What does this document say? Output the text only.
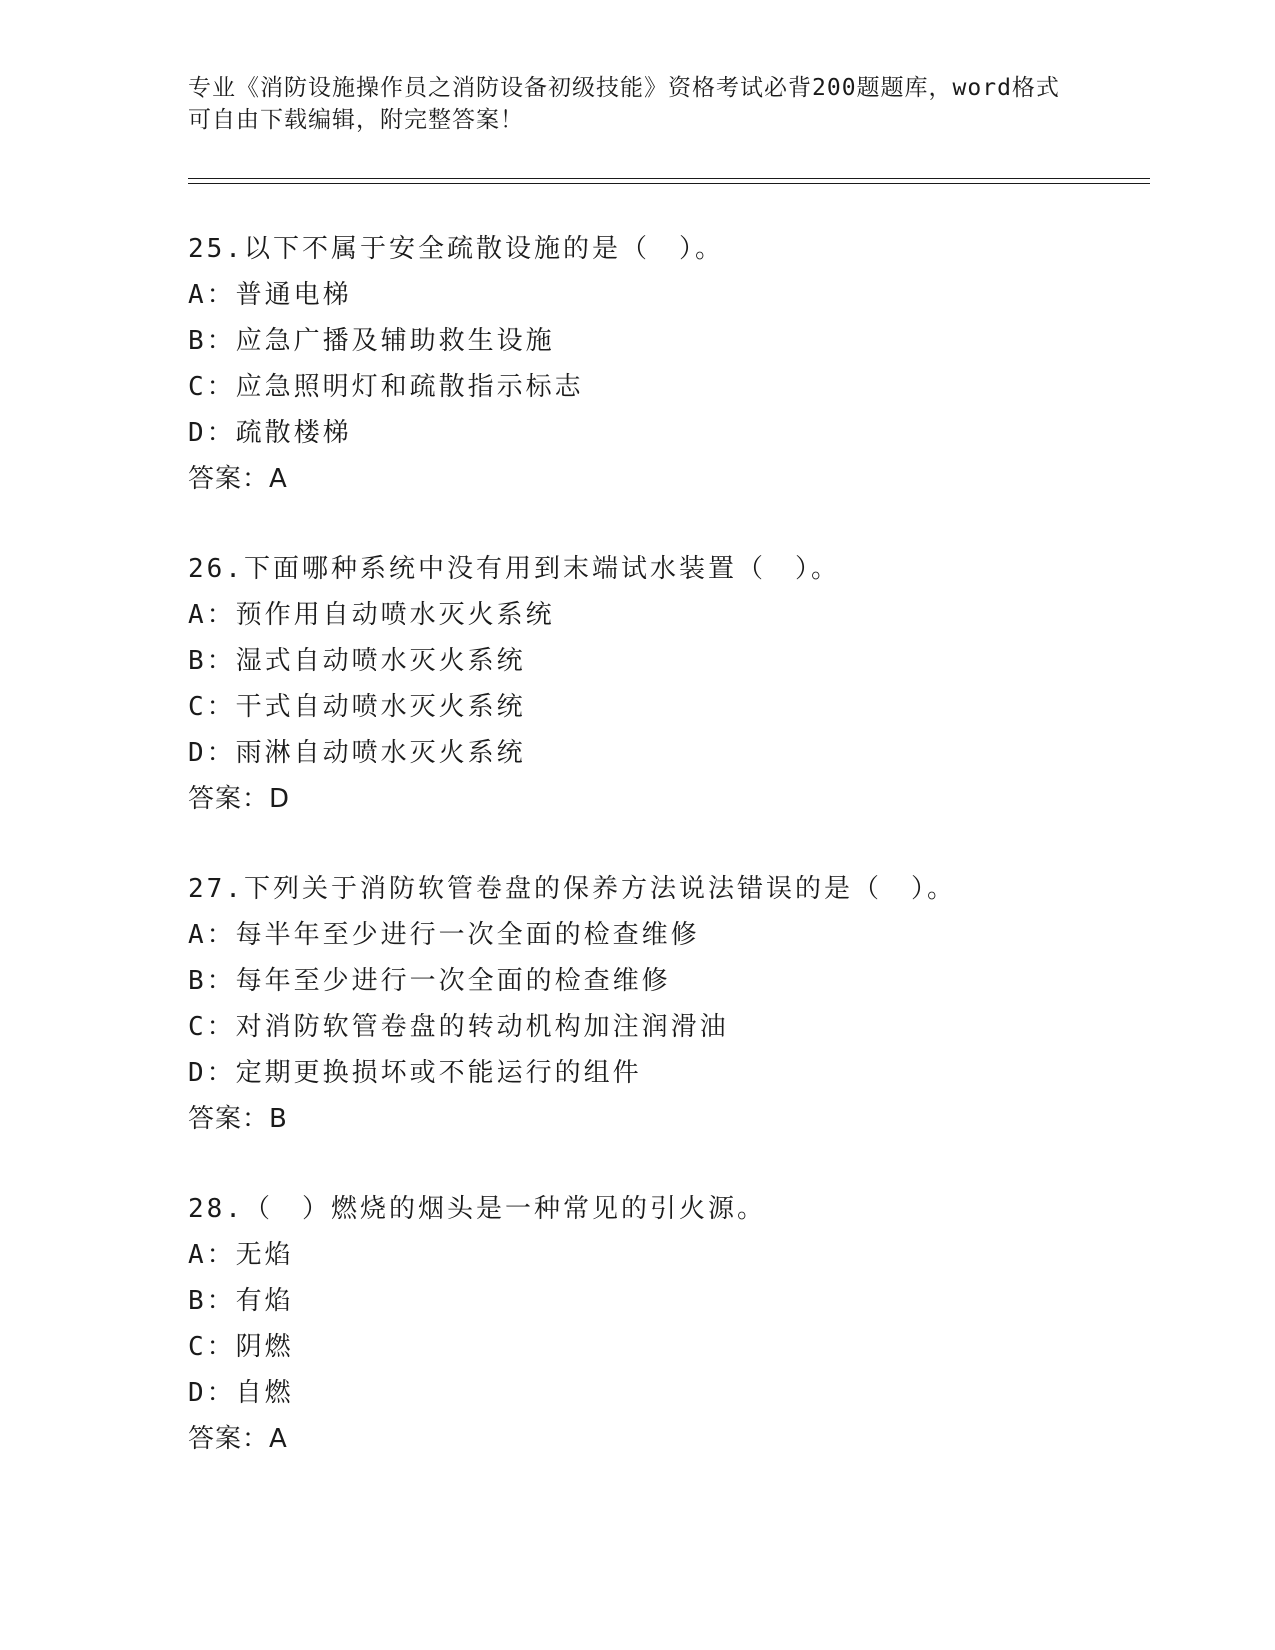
专业《消防设施操作员之消防设备初级技能》资格考试必背200题题库，word格式可自由下载编辑，附完整答案！
25.以下不属于安全疏散设施的是（　）。
A：普通电梯
B：应急广播及辅助救生设施
C：应急照明灯和疏散指示标志
D：疏散楼梯
答案：A
26.下面哪种系统中没有用到末端试水装置（　）。
A：预作用自动喷水灭火系统
B：湿式自动喷水灭火系统
C：干式自动喷水灭火系统
D：雨淋自动喷水灭火系统
答案：D
27.下列关于消防软管卷盘的保养方法说法错误的是（　）。
A：每半年至少进行一次全面的检查维修
B：每年至少进行一次全面的检查维修
C：对消防软管卷盘的转动机构加注润滑油
D：定期更换损坏或不能运行的组件
答案：B
28.（　）燃烧的烟头是一种常见的引火源。
A：无焰
B：有焰
C：阴燃
D：自燃
答案：A
